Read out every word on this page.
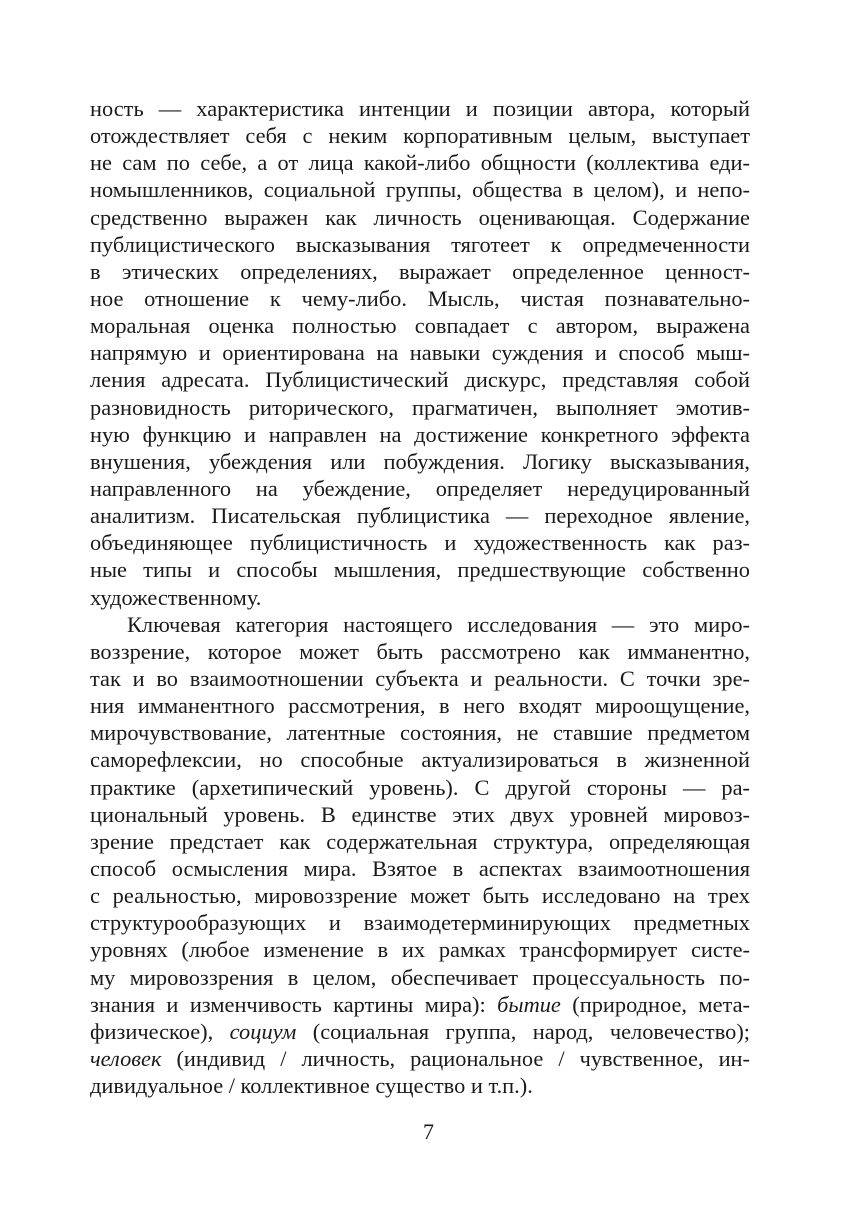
ность — характеристика интенции и позиции автора, который
отождествляет себя с неким корпоративным целым, выступает
не сам по себе, а от лица какой-либо общности (коллектива еди-
номышленников, социальной группы, общества в целом), и непо-
средственно выражен как личность оценивающая. Содержание
публицистического высказывания тяготеет к опредмеченности
в этических определениях, выражает определенное ценност-
ное отношение к чему-либо. Мысль, чистая познавательно-
моральная оценка полностью совпадает с автором, выражена
напрямую и ориентирована на навыки суждения и способ мыш-
ления адресата. Публицистический дискурс, представляя собой
разновидность риторического, прагматичен, выполняет эмотив-
ную функцию и направлен на достижение конкретного эффекта
внушения, убеждения или побуждения. Логику высказывания,
направленного на убеждение, определяет нередуцированный
аналитизм. Писательская публицистика — переходное явление,
объединяющее публицистичность и художественность как раз-
ные типы и способы мышления, предшествующие собственно
художественному.
Ключевая категория настоящего исследования — это миро-
воззрение, которое может быть рассмотрено как имманентно,
так и во взаимоотношении субъекта и реальности. С точки зре-
ния имманентного рассмотрения, в него входят мироощущение,
мирочувствование, латентные состояния, не ставшие предметом
саморефлексии, но способные актуализироваться в жизненной
практике (архетипический уровень). С другой стороны — ра-
циональный уровень. В единстве этих двух уровней мировоз-
зрение предстает как содержательная структура, определяющая
способ осмысления мира. Взятое в аспектах взаимоотношения
с реальностью, мировоззрение может быть исследовано на трех
структурообразующих и взаимодетерминирующих предметных
уровнях (любое изменение в их рамках трансформирует систе-
му мировоззрения в целом, обеспечивает процессуальность по-
знания и изменчивость картины мира): бытие (природное, мета-
физическое), социум (социальная группа, народ, человечество);
человек (индивид / личность, рациональное / чувственное, ин-
дивидуальное / коллективное существо и т.п.).
7
